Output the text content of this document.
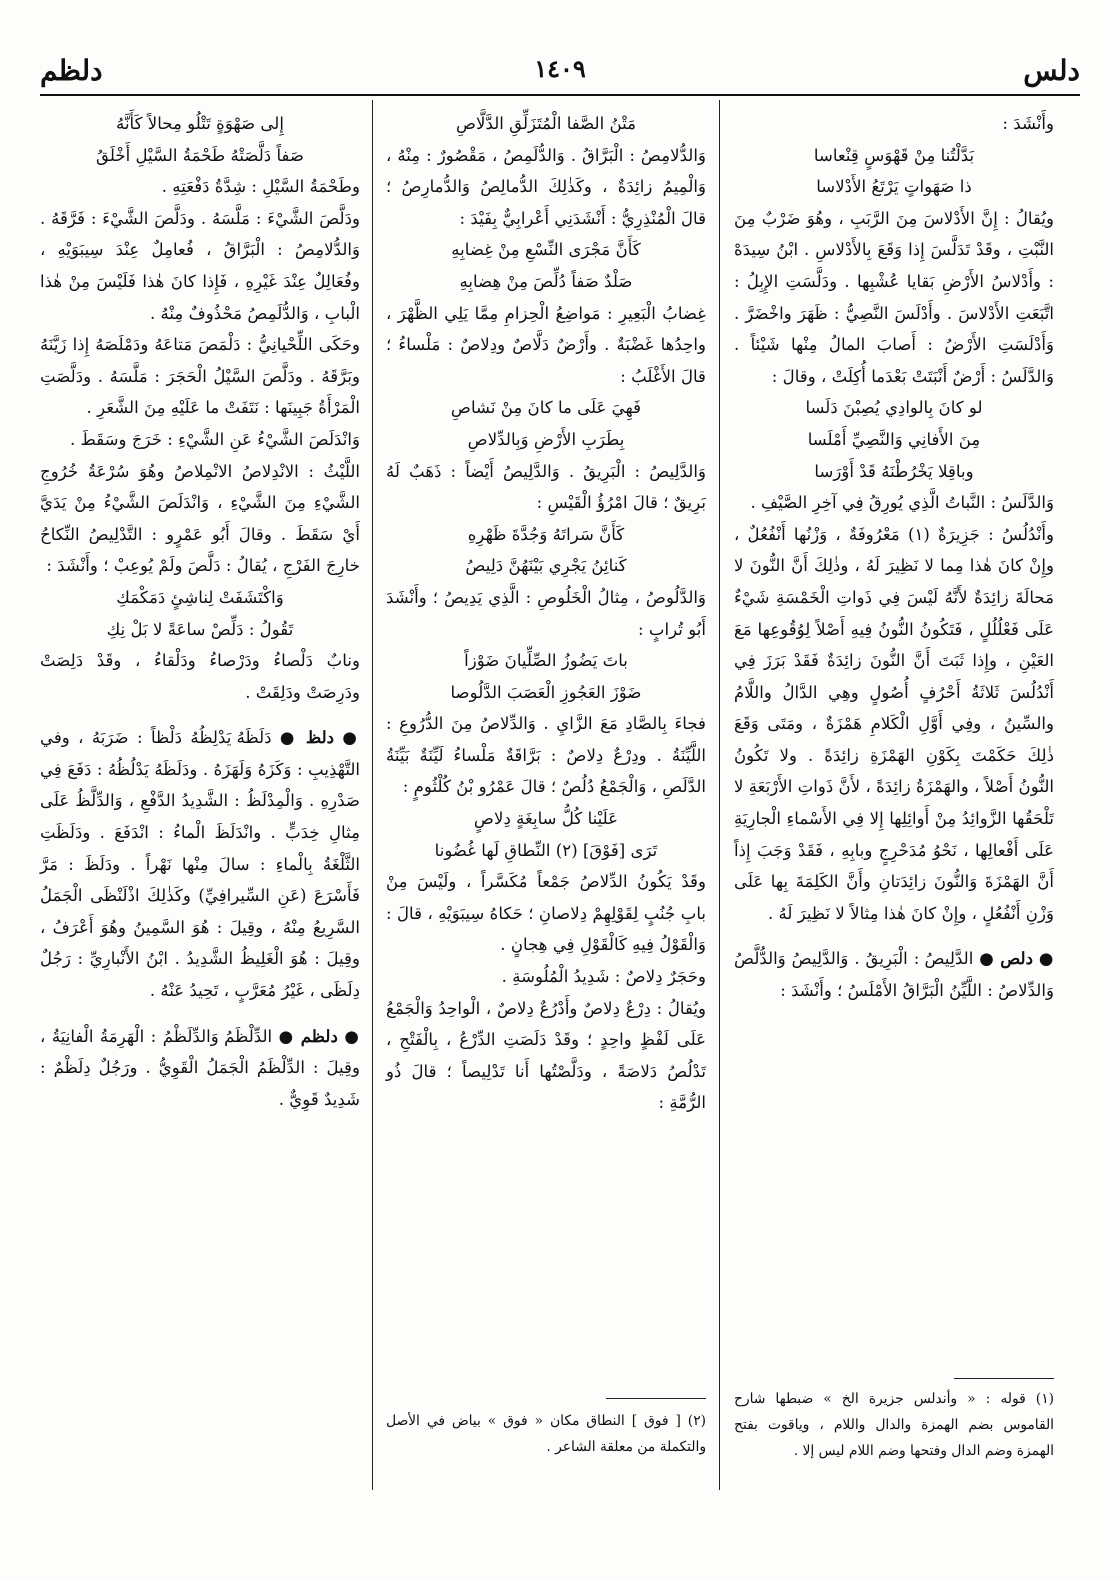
دلس
١٤٠٩
دلظم

وأَنْشَدَ :

بَدَّلْتُنا مِنْ قَهْوَسٍ قِنْعاسا

ذا صَهَواتٍ يَرْتَعُ الأَدْلاسا

ويُقالُ : إِنَّ الأَدْلاسَ مِنَ الرَّبَبِ ، وهُوَ ضَرْبٌ مِنَ النَّبْتِ ، وقَدْ تَدَلَّسَ إِذا وَقَعَ بِالأَدْلاسِ . ابْنُ سِيدَهْ : وأَدْلاسُ الأَرْضِ بَقايا عُشْبِها . ودَلَّسَتِ الإِبِلُ : اتَّبَعَتِ الأَدْلاسَ . وأَدْلَسَ النَّصِيُّ : ظَهَرَ واخْضَرَّ . وَأَدْلَسَتِ الأَرْضُ : أَصابَ المالُ مِنْها شَيْئاً . وَالدَّلَسُ : أَرْضٌ أَنْبَتَتْ بَعْدَما أُكِلَتْ ، وقالَ :

لو كانَ بِالوادِي يُصِبْنَ دَلَسا

مِنَ الأَفانِي وَالنَّصِيِّ أَمْلَسا

وباقِلا يَخْرُطْنَهُ قَدْ أَوْرَسا

وَالدَّلَسُ : النَّباتُ الَّذِي يُورِقُ فِي آخِرِ الصَّيْفِ .

وأَنْدُلُسُ : جَزِيرَةٌ (١) مَعْرُوفَةٌ ، وَزْنُها أَنْفُعُلٌ ، وإِنْ كانَ هٰذا مِما لا نَظِيرَ لَهُ ، وذٰلِكَ أَنَّ النُّونَ لا مَحالَةَ زائِدَةٌ لأَنَّهُ لَيْسَ فِي ذَواتِ الْخَمْسَةِ شَيْءٌ عَلَى فَعْلُلُلٍ ، فَتَكُونُ النُّونُ فِيهِ أَصْلاً لِوُقُوعِها مَعَ العَيْنِ ، وإِذا ثَبَتَ أَنَّ النُّونَ زائِدَةٌ فَقَدْ بَرَزَ فِي أَنْدُلُسَ ثَلاثَةُ أَحْرُفٍ أُصُولٍ وهِي الدَّالُ واللَّامُ والسِّينُ ، وفِي أَوَّلِ الْكَلامِ هَمْزَةٌ ، ومَتَى وَقَعَ ذٰلِكَ حَكَمْتَ بِكَوْنِ الهَمْزَةِ زائِدَةً . ولا تَكُونُ النُّونُ أَصْلاً ، والهَمْزَةُ زائِدَةً ، لأَنَّ ذَواتِ الأَرْبَعَةِ لا تَلْحَقُها الزَّوائِدُ مِنْ أَوائِلِها إِلا فِي الأَسْماءِ الْجارِيَةِ عَلَى أَفْعالِها ، نَحْوُ مُدَحْرِجٍ وبابِهِ ، فَقَدْ وَجَبَ إِذاً أَنَّ الهَمْزَةَ وَالنُّونَ زائِدَتانِ وأَنَّ الكَلِمَةَ بِها عَلَى وَزْنِ أَنْفُعُلٍ ، وإِنْ كانَ هٰذا مِثالاً لا نَظِيرَ لَهُ .

● دلص ● الدَّلِيصُ : الْبَرِيقُ . وَالدَّلِيصُ وَالدُّلَّصُ وَالدِّلاصُ : اللَّيِّنُ الْبَرَّاقُ الأَمْلَسُ ؛ وأَنْشَدَ :

مَتْنُ الصَّفا الْمُتَزَلِّقِ الدَّلَّاصِ

وَالدُّلامِصُ : الْبَرَّاقُ . وَالدُّلَمِصُ ، مَقْصُورٌ : مِنْهُ ، وَالْمِيمُ زائِدَةٌ ، وكَذٰلِكَ الدُّمالِصُ وَالدُّمارِصُ ؛ قالَ الْمُنْذِرِيُّ : أَنْشَدَنِي أَعْرابِيٌّ بِفَيْدَ :

كَأَنَّ مَجْرَى النِّسْعِ مِنْ غِضابِهِ

صَلْدٌ صَفاً دُلِّصَ مِنْ هِضابِهِ

غِضابُ الْبَعِيرِ : مَواضِعُ الْحِزامِ مِمَّا يَلِي الظَّهْرَ ، واحِدُها غَضْبَةٌ . وأَرْضٌ دَلَّاصٌ ودِلاصٌ : مَلْساءُ ؛ قالَ الأَغْلَبُ :

فَهِيَ عَلَى ما كانَ مِنْ نَشاصِ

بِطَرَبِ الأَرْضِ وَبِالدِّلاصِ

وَالدَّلِيصُ : الْبَرِيقُ . وَالدَّلِيصُ أَيْضاً : ذَهَبٌ لَهُ بَرِيقٌ ؛ قالَ امْرُؤُ الْقَيْسِ :

كَأَنَّ سَراتَهُ وَجُدَّةَ ظَهْرِهِ

كَنائِنُ يَجْرِي بَيْنَهُنَّ دَلِيصُ

وَالدَّلُوصُ ، مِثالُ الْخَلُوصِ : الَّذِي يَدِيصُ ؛ وأَنْشَدَ أَبُو تُرابٍ :

باتَ يَضُوزُ الصِّلِّيانَ ضَوْزاً

ضَوْزَ العَجُوزِ الْعَصَبَ الدَّلُوصا

فجاءَ بِالصَّادِ مَعَ الزَّايِ . وَالدِّلاصُ مِنَ الدُّرُوعِ : اللَّيِّنَةُ . ودِرْعٌ دِلاصٌ : بَرَّاقَةٌ مَلْساءُ لَيِّنَةٌ بَيِّنَةُ الدَّلَصِ ، وَالْجَمْعُ دُلُصٌ ؛ قالَ عَمْرُو بْنُ كُلْثُومٍ :

عَلَيْنا كُلُّ سابِغَةٍ دِلاصٍ

تَرَى [فَوْقَ] (٢) النِّطاقِ لَها غُضُونا

وقَدْ يَكُونُ الدِّلاصُ جَمْعاً مُكَسَّراً ، ولَيْسَ مِنْ بابِ جُنُبٍ لِقَوْلِهِمْ دِلاصانِ ؛ حَكاهُ سِيبَوَيْهِ ، قالَ : وَالْقَوْلُ فِيهِ كَالْقَوْلِ فِي هِجانٍ .

وحَجَرٌ دِلاصٌ : شَدِيدُ الْمُلُوسَةِ .

ويُقالُ : دِرْعٌ دِلاصٌ وأَدْرُعٌ دِلاصٌ ، الْواحِدُ وَالْجَمْعُ عَلَى لَفْظٍ واحِدٍ ؛ وقَدْ دَلَصَتِ الدِّرْعُ ، بِالْفَتْحِ ، تَدْلُصُ دَلاصَةً ، ودَلَّصْتُها أَنا تَدْلِيصاً ؛ قالَ ذُو الرُّمَّةِ :

إِلى صَهْوَةٍ تَتْلُو مِحالاً كَأَنَّهُ

صَفاً دَلَّصَتْهُ طَحْمَةُ السَّيْلِ أَخْلَقُ

وطَحْمَةُ السَّيْلِ : شِدَّةُ دَفْعَتِهِ .

ودَلَّصَ الشَّيْءَ : مَلَّسَهُ . ودَلَّصَ الشَّيْءَ : فَرَّقَهُ . وَالدُّلامِصُ : الْبَرَّاقُ ، فُعامِلٌ عِنْدَ سِيبَوَيْهِ ، وفُعَالِلٌ عِنْدَ غَيْرِهِ ، فَإِذا كانَ هٰذا فَلَيْسَ مِنْ هٰذا الْبابِ ، وَالدُّلَمِصُ مَحْذُوفٌ مِنْهُ .

وحَكَى اللِّحْيانِيُّ : دَلْمَصَ مَتاعَهُ ودَمْلَصَهُ إِذا زَيَّنَهُ وبَرَّقَهُ . ودَلَّصَ السَّيْلُ الْحَجَرَ : مَلَّسَهُ . ودَلَّصَتِ الْمَرْأَةُ جَبِينَها : نَتَفَتْ ما عَلَيْهِ مِنَ الشَّعَرِ .

وَانْدَلَصَ الشَّيْءُ عَنِ الشَّيْءِ : خَرَجَ وسَقَطَ .

اللَّيْثُ : الانْدِلاصُ الانْمِلاصُ وهُوَ سُرْعَةُ خُرُوجِ الشَّيْءِ مِنَ الشَّيْءِ ، وَانْدَلَصَ الشَّيْءُ مِنْ يَدَيَّ أَيْ سَقَطَ . وقالَ أَبُو عَمْرٍو : التَّدْلِيصُ النِّكاحُ خارِجَ الفَرْجِ ، يُقالُ : دَلَّصَ ولَمْ يُوعِبْ ؛ وأَنْشَدَ :

وَاكْتَشَفَتْ لِناشِئٍ دَمَكْمَكِ

تَقُولُ : دَلِّصْ ساعَةً لا بَلْ نِكِ

ونابٌ دَلْصاءُ ودَرْصاءُ ودَلْقاءُ ، وقَدْ دَلِصَتْ ودَرِصَتْ ودَلِقَتْ .

● دلظ ● دَلَظَهُ يَدْلِظُهُ دَلْظاً : ضَرَبَهُ ، وفي التَّهْذِيبِ : وَكَزَهُ وَلَهَزَهُ . ودَلَظَهُ يَدْلُظُهُ : دَفَعَ فِي صَدْرِهِ . وَالْمِدْلَظُ : الشَّدِيدُ الدَّفْعِ ، وَالدِّلَّظُ عَلَى مِثالِ خِدَبٍّ . وانْدَلَظَ الْماءُ : انْدَفَعَ . ودَلَظَتِ الثَّلْغَةُ بِالْماءِ : سالَ مِنْها نَهْراً . ودَلَظَ : مَرَّ فَأَسْرَعَ (عَنِ السِّيرافِيِّ) وكَذٰلِكَ اذْلَنْظَى الْجَمَلُ السَّرِيعُ مِنْهُ ، وقِيلَ : هُوَ السَّمِينُ وهُوَ أَعْرَفُ ، وقِيلَ : هُوَ الْغَلِيظُ الشَّدِيدُ . ابْنُ الأَنْبارِيِّ : رَجُلٌ دِلَظَى ، غَيْرُ مُعَرَّبٍ ، تَحِيدُ عَنْهُ .

● دلظم ● الدِّلْظَمُ وَالدِّلَظْمُ : الْهَرِمَةُ الْفانِيَةُ ، وقِيلَ : الدِّلْظَمُ الْجَمَلُ الْقَوِيُّ . ورَجُلٌ دِلَظْمٌ : شَدِيدٌ قَوِيٌّ .

(١) قوله : « وأندلس جزيرة الخ » ضبطها شارح القاموس بضم الهمزة والدال واللام ، وياقوت بفتح الهمزة وضم الدال وفتحها وضم اللام ليس إلا .

(٢) [ فوق ] النطاق مكان « فوق » بياض في الأصل والتكملة من معلقة الشاعر .
